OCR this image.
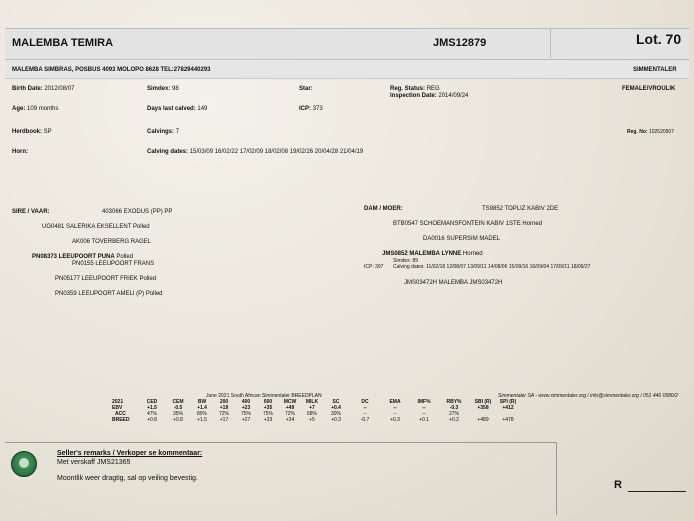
MALEMBA TEMIRA	JMS12879	Lot. 70
MALEMBA SIMBRAS, POSBUS 4093 MOLOPO 8628 TEL:27829440293	SIMMENTALER
Birth Date: 2012/08/07	Simdex: 98	Star:	Reg. Status: REG
Inspection Date: 2014/09/24
FEMALE/VROULIK
Age: 109 months	Days last calved: 149	ICP: 373
Herdbook: SP	Calvings: 7	Reg. No: 102520507
Horn:	Calving dates: 15/03/09 16/02/22 17/02/09 18/02/08 19/02/26 20/04/28 21/04/19
SIRE / VAAR:	403066 EXODUS (PP) PP
UG0481 SALERIKA EKSELLENT Polled
AK006 TOVERBERG RAGEL
PN08373 LEEUPOORT PUNA Polled
PN0155 LEEUPOORT FRANS
PN05177 LEEUPOORT FRIEK Polled
PN0359 LEEUPOORT AMELI (P) Polled
DAM / MOER:	TS9852 TOPLIZ KABIV 2DE
BTB0547 SCHOEMANSFONTEIN KABIV 1STE Horned
DA0016 SUPERSIM MADEL
JMS0852 MALEMBA LYNNE Horned
Simdex: 89
ICP: 397 Calving dates: 11/02/18 12/08/07 13/09/11 14/08/06 15/09/16 16/09/04 17/09/11 18/09/27
JMS03472H MALEMBA JMS03472H
June 2021 South African Simmentaler BREEDPLAN	Simmentaler SA - www.simmentaler.org / info@simmentaler.org / 051 446 0580/2
2021	CED	CEM	BW	200	400	600	MCW	MILK	SC	DC	EMA	IMF%	RBY%	SBI (R)	SPI (R)
EBV	+1.5	-0.5	+1.4	+19	+23	+35	+49	+7	+0.4	--	--	--	-0.3	+358	+412
ACC	47%	35%	80%	72%	75%	75%	72%	68%	30%	--	--	--	27%		
BREED	+0.8	+0.8	+1.5	+17	+27	+33	+34	+5	+0.3	-0.7	+0.3	+0.1	+0.2	+489	+478
Seller's remarks / Verkoper se kommentaar:
Met verskaff JMS21365
Moontlik weer dragtig, sal op veiling bevestig.
R
